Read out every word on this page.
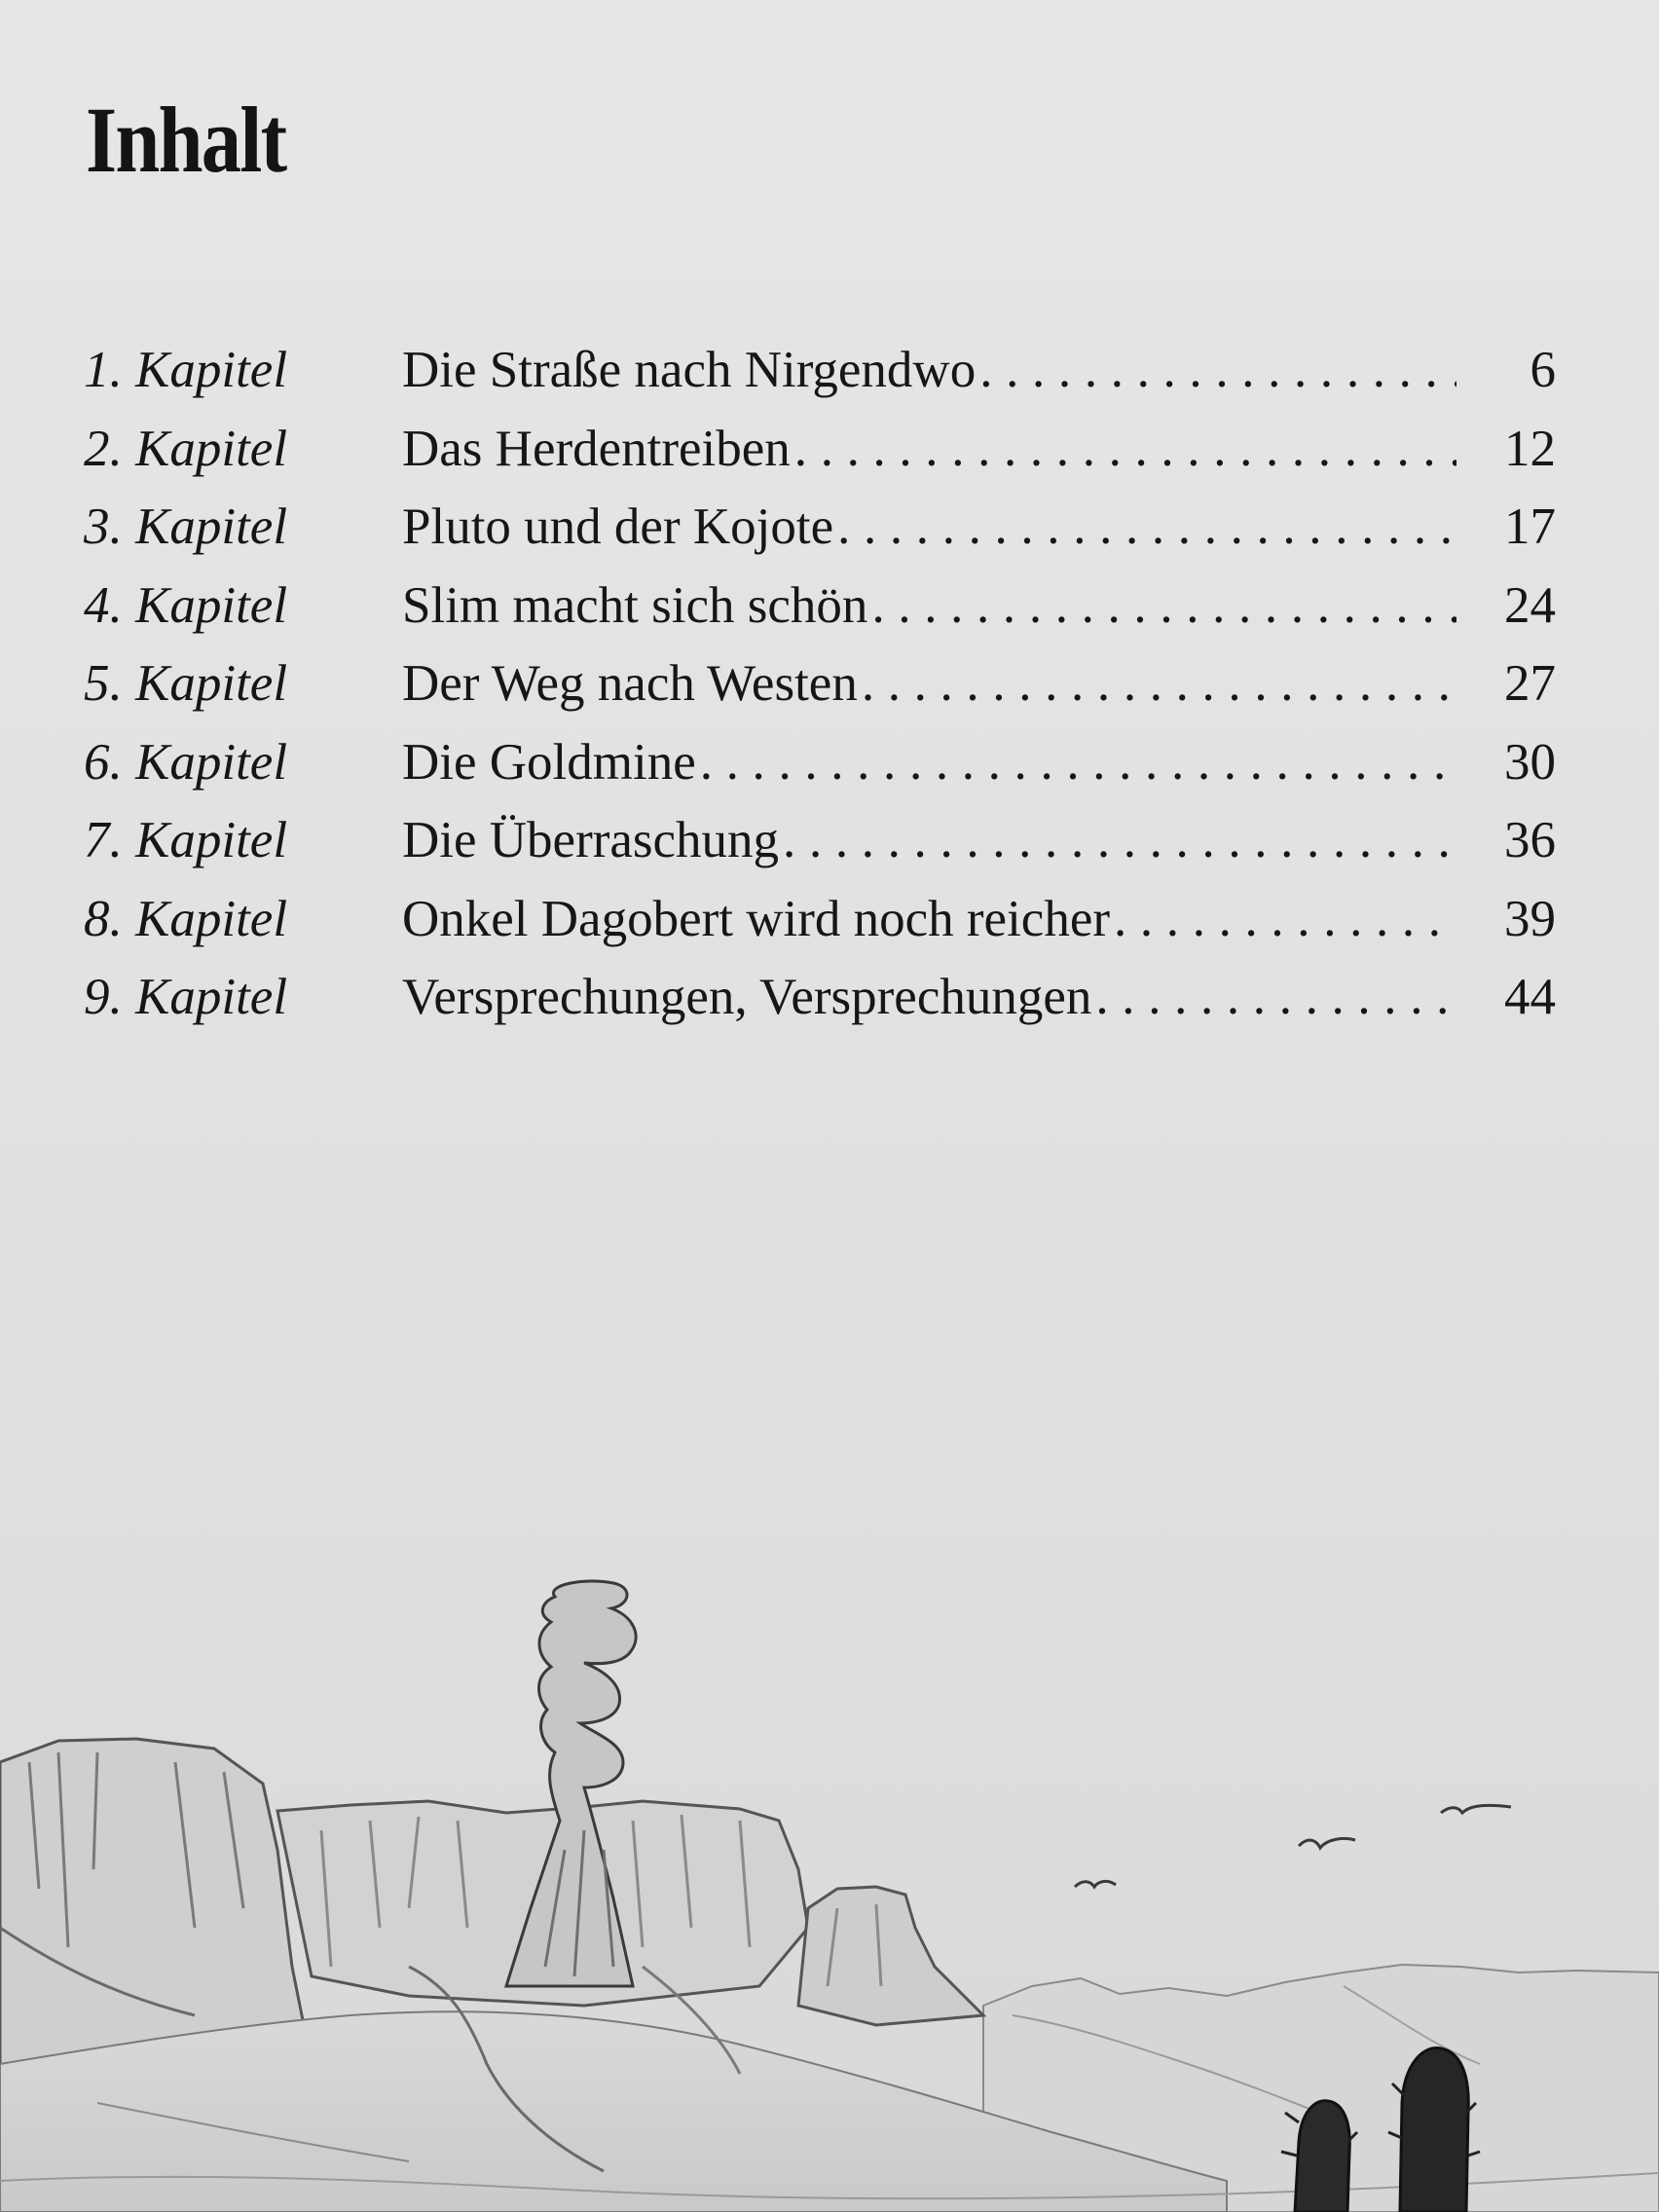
Inhalt
1. Kapitel	Die Straße nach Nirgendwo . . .	6
2. Kapitel	Das Herdentreiben . . .	12
3. Kapitel	Pluto und der Kojote . . .	17
4. Kapitel	Slim macht sich schön . . .	24
5. Kapitel	Der Weg nach Westen . . .	27
6. Kapitel	Die Goldmine . . .	30
7. Kapitel	Die Überraschung . . .	36
8. Kapitel	Onkel Dagobert wird noch reicher . . .	39
9. Kapitel	Versprechungen, Versprechungen . . .	44
